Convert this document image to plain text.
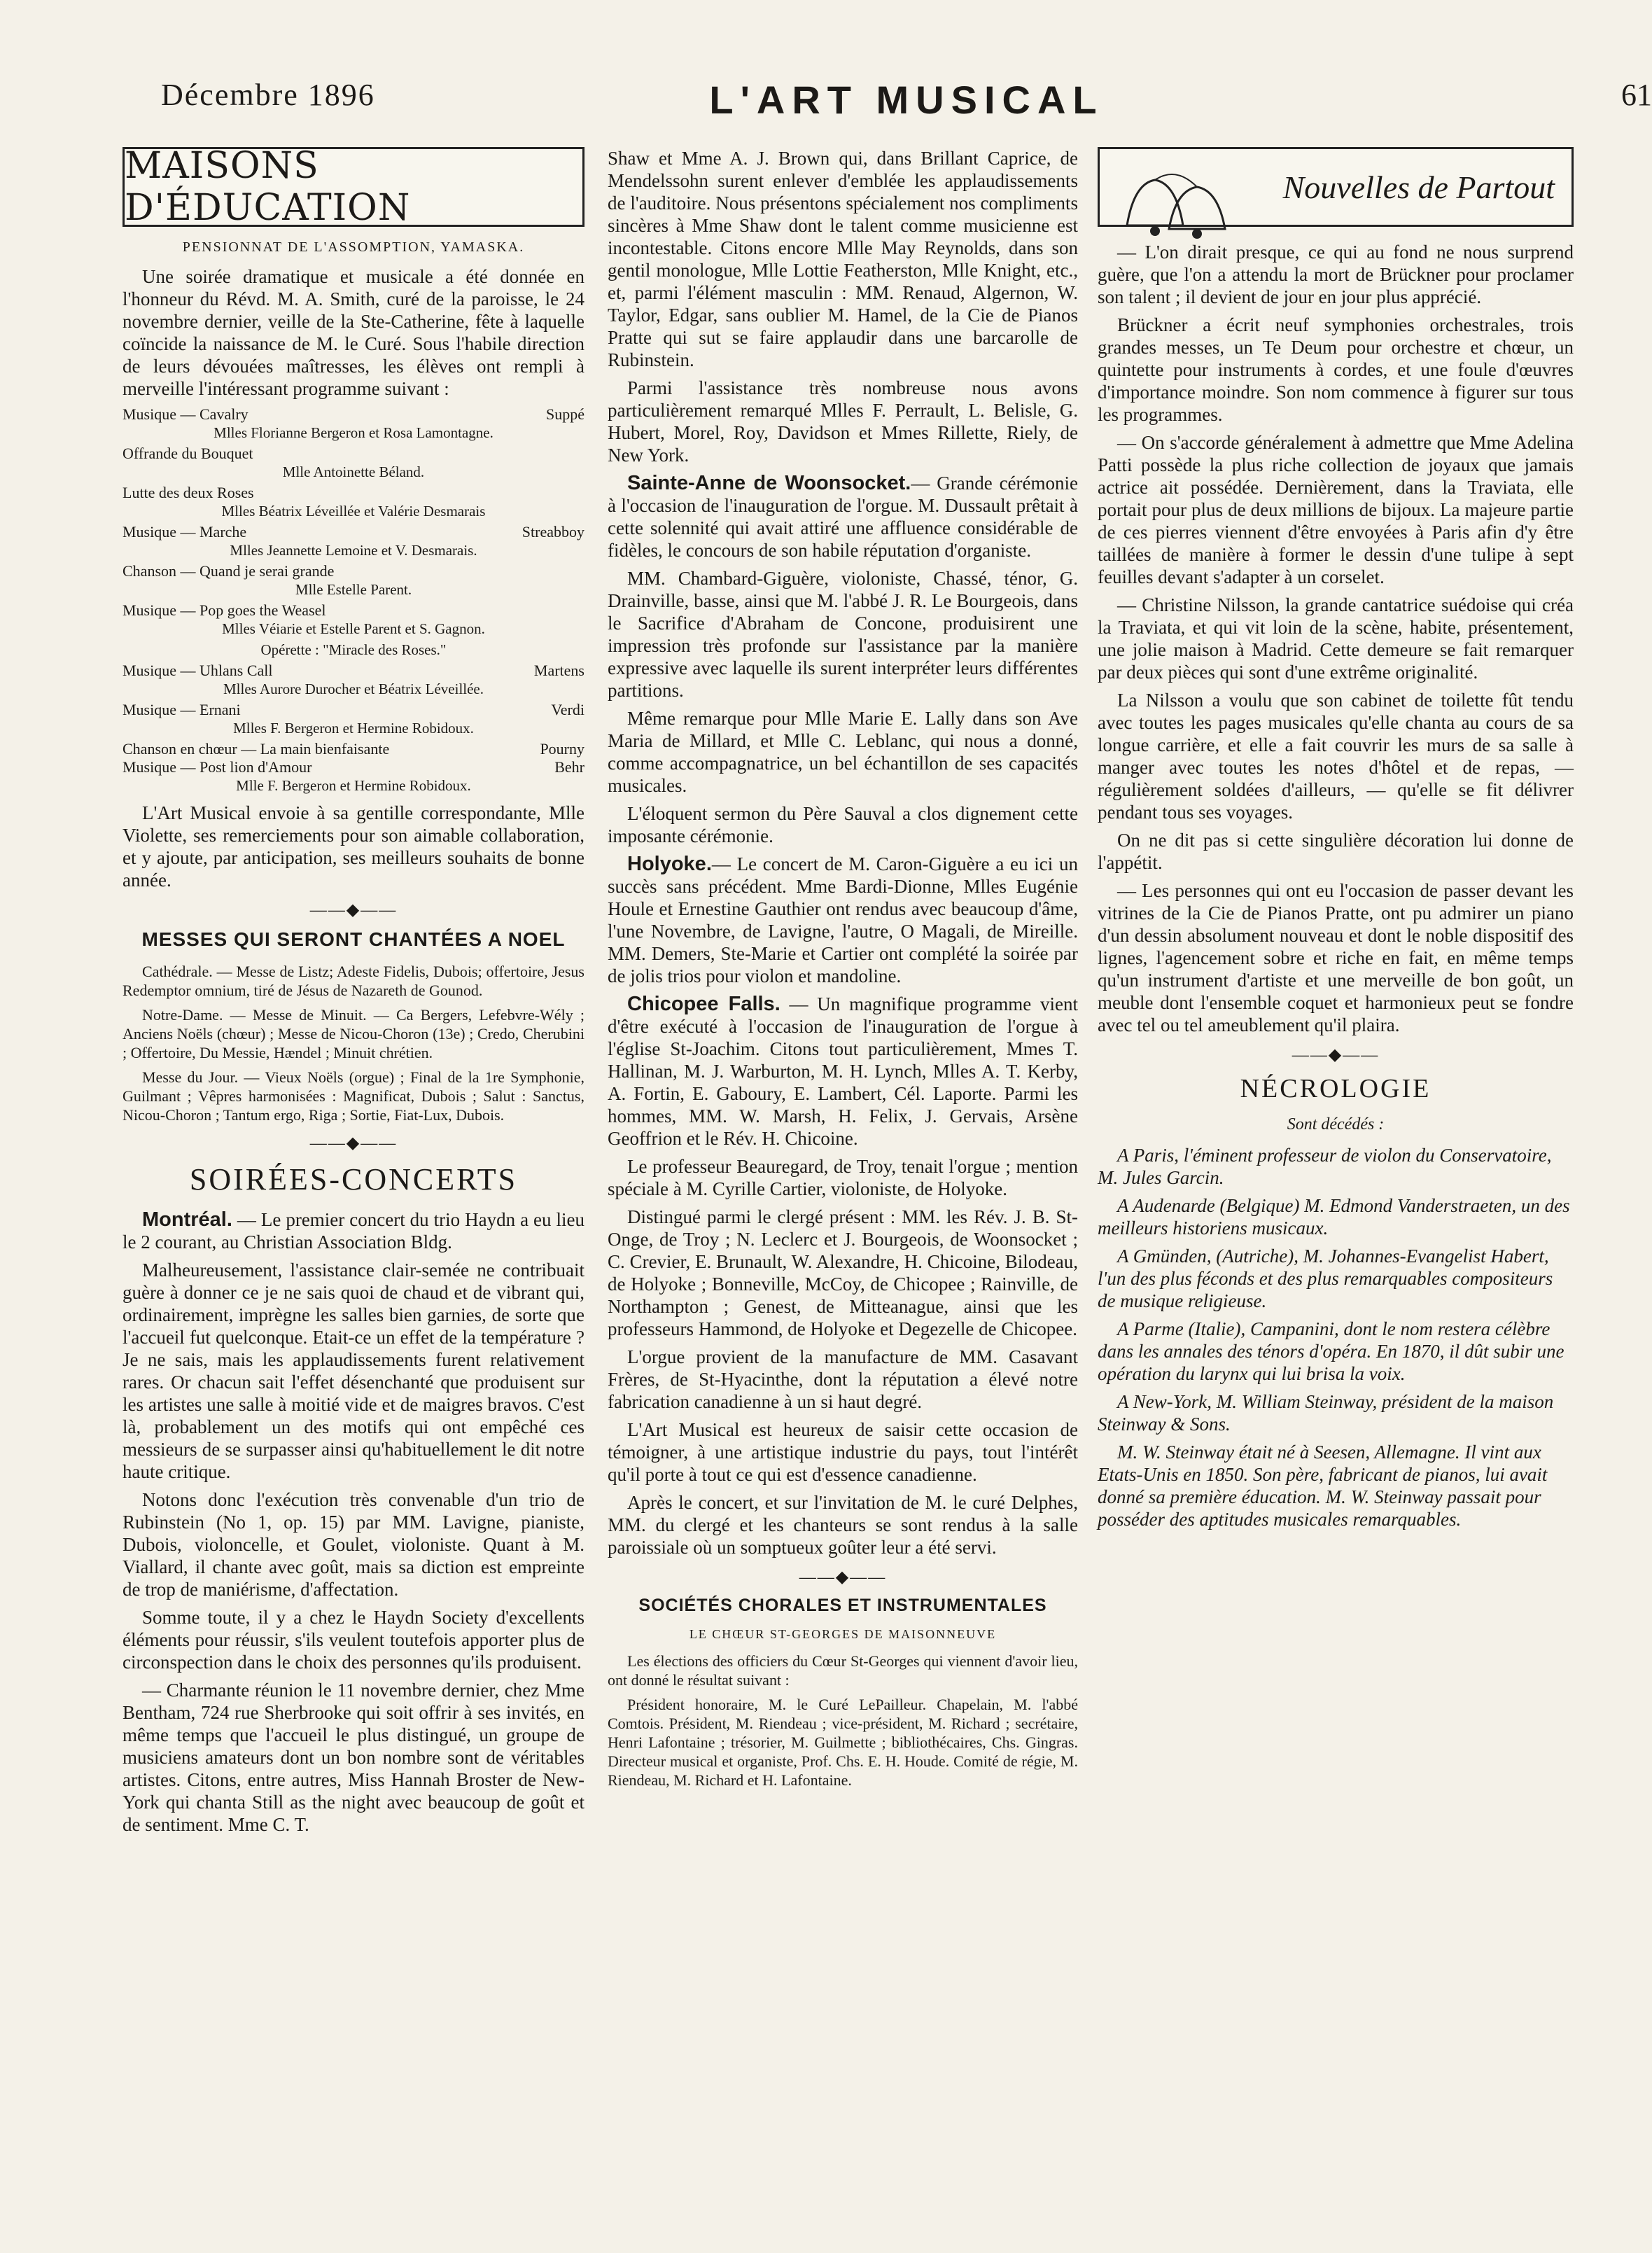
Décembre 1896	L'ART MUSICAL	61
MAISONS D'ÉDUCATION
PENSIONNAT DE L'ASSOMPTION, YAMASKA.

Une soirée dramatique et musicale a été donnée en l'honneur du Révd. M. A. Smith, curé de la paroisse, le 24 novembre dernier, veille de la Ste-Catherine, fête à laquelle coïncide la naissance de M. le Curé. Sous l'habile direction de leurs dévouées maîtresses, les élèves ont rempli à merveille l'intéressant programme suivant :

Musique — Cavalry	Suppé
Mlles Florianne Bergeron et Rosa Lamontagne.
Offrande du Bouquet
Mlle Antoinette Béland.
Lutte des deux Roses
Mlles Béatrix Léveillée et Valérie Desmarais
Musique — Marche	Streabboy
Mlles Jeannette Lemoine et V. Desmarais.
Chanson — Quand je serai grande
Mlle Estelle Parent.
Musique — Pop goes the Weasel
Mlles Véiarie et Estelle Parent et S. Gagnon.
Opérette : "Miracle des Roses."
Musique — Uhlans Call	Martens
Mlles Aurore Durocher et Béatrix Léveillée.
Musique — Ernani	Verdi
Mlles F. Bergeron et Hermine Robidoux.
Chanson en chœur — La main bienfaisante	Pourny
Musique — Post lion d'Amour	Behr
Mlle F. Bergeron et Hermine Robidoux.

L'Art Musical envoie à sa gentille correspondante, Mlle Violette, ses remerciements pour son aimable collaboration, et y ajoute, par anticipation, ses meilleurs souhaits de bonne année.

——◆——
MESSES QUI SERONT CHANTÉES A NOEL

Cathédrale. — Messe de Listz; Adeste Fidelis, Dubois; offertoire, Jesus Redemptor omnium, tiré de Jésus de Nazareth de Gounod.

Notre-Dame. — Messe de Minuit. — Ca Bergers, Lefebvre-Wély ; Anciens Noëls (chœur) ; Messe de Nicou-Choron (13e) ; Credo, Cherubini ; Offertoire, Du Messie, Hændel ; Minuit chrétien.

Messe du Jour. — Vieux Noëls (orgue) ; Final de la 1re Symphonie, Guilmant ; Vêpres harmonisées : Magnificat, Dubois ; Salut : Sanctus, Nicou-Choron ; Tantum ergo, Riga ; Sortie, Fiat-Lux, Dubois.

——◆——
SOIRÉES-CONCERTS

Montréal. — Le premier concert du trio Haydn a eu lieu le 2 courant, au Christian Association Bldg.

Malheureusement, l'assistance clair-semée ne contribuait guère à donner ce je ne sais quoi de chaud et de vibrant qui, ordinairement, imprègne les salles bien garnies, de sorte que l'accueil fut quelconque. Etait-ce un effet de la température ? Je ne sais, mais les applaudissements furent relativement rares. Or chacun sait l'effet désenchanté que produisent sur les artistes une salle à moitié vide et de maigres bravos. C'est là, probablement un des motifs qui ont empêché ces messieurs de se surpasser ainsi qu'habituellement le dit notre haute critique.

Notons donc l'exécution très convenable d'un trio de Rubinstein (No 1, op. 15) par MM. Lavigne, pianiste, Dubois, violoncelle, et Goulet, violoniste. Quant à M. Viallard, il chante avec goût, mais sa diction est empreinte de trop de maniérisme, d'affectation.

Somme toute, il y a chez le Haydn Society d'excellents éléments pour réussir, s'ils veulent toutefois apporter plus de circonspection dans le choix des personnes qu'ils produisent.

— Charmante réunion le 11 novembre dernier, chez Mme Bentham, 724 rue Sherbrooke qui soit offrir à ses invités, en même temps que l'accueil le plus distingué, un groupe de musiciens amateurs dont un bon nombre sont de véritables artistes. Citons, entre autres, Miss Hannah Broster de New-York qui chanta Still as the night avec beaucoup de goût et de sentiment. Mme C. T.

Shaw et Mme A. J. Brown qui, dans Brillant Caprice, de Mendelssohn surent enlever d'emblée les applaudissements de l'auditoire. Nous présentons spécialement nos compliments sincères à Mme Shaw dont le talent comme musicienne est incontestable. Citons encore Mlle May Reynolds, dans son gentil monologue, Mlle Lottie Featherston, Mlle Knight, etc., et, parmi l'élément masculin : MM. Renaud, Algernon, W. Taylor, Edgar, sans oublier M. Hamel, de la Cie de Pianos Pratte qui sut se faire applaudir dans une barcarolle de Rubinstein.

Parmi l'assistance très nombreuse nous avons particulièrement remarqué Mlles F. Perrault, L. Belisle, G. Hubert, Morel, Roy, Davidson et Mmes Rillette, Riely, de New York.

Sainte-Anne de Woonsocket.— Grande cérémonie à l'occasion de l'inauguration de l'orgue. M. Dussault prêtait à cette solennité qui avait attiré une affluence considérable de fidèles, le concours de son habile réputation d'organiste.

MM. Chambard-Giguère, violoniste, Chassé, ténor, G. Drainville, basse, ainsi que M. l'abbé J. R. Le Bourgeois, dans le Sacrifice d'Abraham de Concone, produisirent une impression très profonde sur l'assistance par la manière expressive avec laquelle ils surent interpréter leurs différentes partitions.

Même remarque pour Mlle Marie E. Lally dans son Ave Maria de Millard, et Mlle C. Leblanc, qui nous a donné, comme accompagnatrice, un bel échantillon de ses capacités musicales.

L'éloquent sermon du Père Sauval a clos dignement cette imposante cérémonie.

Holyoke.— Le concert de M. Caron-Giguère a eu ici un succès sans précédent. Mme Bardi-Dionne, Mlles Eugénie Houle et Ernestine Gauthier ont rendus avec beaucoup d'âme, l'une Novembre, de Lavigne, l'autre, O Magali, de Mireille. MM. Demers, Ste-Marie et Cartier ont complété la soirée par de jolis trios pour violon et mandoline.

Chicopee Falls. — Un magnifique programme vient d'être exécuté à l'occasion de l'inauguration de l'orgue à l'église St-Joachim. Citons tout particulièrement, Mmes T. Hallinan, M. J. Warburton, M. H. Lynch, Mlles A. T. Kerby, A. Fortin, E. Gaboury, E. Lambert, Cél. Laporte. Parmi les hommes, MM. W. Marsh, H. Felix, J. Gervais, Arsène Geoffrion et le Rév. H. Chicoine.

Le professeur Beauregard, de Troy, tenait l'orgue ; mention spéciale à M. Cyrille Cartier, violoniste, de Holyoke.

Distingué parmi le clergé présent : MM. les Rév. J. B. St-Onge, de Troy ; N. Leclerc et J. Bourgeois, de Woonsocket ; C. Crevier, E. Brunault, W. Alexandre, H. Chicoine, Bilodeau, de Holyoke ; Bonneville, McCoy, de Chicopee ; Rainville, de Northampton ; Genest, de Mitteanague, ainsi que les professeurs Hammond, de Holyoke et Degezelle de Chicopee.

L'orgue provient de la manufacture de MM. Casavant Frères, de St-Hyacinthe, dont la réputation a élevé notre fabrication canadienne à un si haut degré.

L'Art Musical est heureux de saisir cette occasion de témoigner, à une artistique industrie du pays, tout l'intérêt qu'il porte à tout ce qui est d'essence canadienne.

Après le concert, et sur l'invitation de M. le curé Delphes, MM. du clergé et les chanteurs se sont rendus à la salle paroissiale où un somptueux goûter leur a été servi.

——◆——
SOCIÉTÉS CHORALES ET INSTRUMENTALES
LE CHŒUR ST-GEORGES DE MAISONNEUVE

Les élections des officiers du Cœur St-Georges qui viennent d'avoir lieu, ont donné le résultat suivant :

Président honoraire, M. le Curé LePailleur. Chapelain, M. l'abbé Comtois. Président, M. Riendeau ; vice-président, M. Richard ; secrétaire, Henri Lafontaine ; trésorier, M. Guilmette ; bibliothécaires, Chs. Gingras. Directeur musical et organiste, Prof. Chs. E. H. Houde. Comité de régie, M. Riendeau, M. Richard et H. Lafontaine.

Nouvelles de Partout

— L'on dirait presque, ce qui au fond ne nous surprend guère, que l'on a attendu la mort de Brückner pour proclamer son talent ; il devient de jour en jour plus apprécié.

Brückner a écrit neuf symphonies orchestrales, trois grandes messes, un Te Deum pour orchestre et chœur, un quintette pour instruments à cordes, et une foule d'œuvres d'importance moindre. Son nom commence à figurer sur tous les programmes.

— On s'accorde généralement à admettre que Mme Adelina Patti possède la plus riche collection de joyaux que jamais actrice ait possédée. Dernièrement, dans la Traviata, elle portait pour plus de deux millions de bijoux. La majeure partie de ces pierres viennent d'être envoyées à Paris afin d'y être taillées de manière à former le dessin d'une tulipe à sept feuilles devant s'adapter à un corselet.

— Christine Nilsson, la grande cantatrice suédoise qui créa la Traviata, et qui vit loin de la scène, habite, présentement, une jolie maison à Madrid. Cette demeure se fait remarquer par deux pièces qui sont d'une extrême originalité.

La Nilsson a voulu que son cabinet de toilette fût tendu avec toutes les pages musicales qu'elle chanta au cours de sa longue carrière, et elle a fait couvrir les murs de sa salle à manger avec toutes les notes d'hôtel et de repas, — régulièrement soldées d'ailleurs, — qu'elle se fit délivrer pendant tous ses voyages.

On ne dit pas si cette singulière décoration lui donne de l'appétit.

— Les personnes qui ont eu l'occasion de passer devant les vitrines de la Cie de Pianos Pratte, ont pu admirer un piano d'un dessin absolument nouveau et dont le noble dispositif des lignes, l'agencement sobre et riche en fait, en même temps qu'un instrument d'artiste et une merveille de bon goût, un meuble dont l'ensemble coquet et harmonieux peut se fondre avec tel ou tel ameublement qu'il plaira.

——◆——
NÉCROLOGIE
Sont décédés :

A Paris, l'éminent professeur de violon du Conservatoire, M. Jules Garcin.

A Audenarde (Belgique) M. Edmond Vanderstraeten, un des meilleurs historiens musicaux.

A Gmünden, (Autriche), M. Johannes-Evangelist Habert, l'un des plus féconds et des plus remarquables compositeurs de musique religieuse.

A Parme (Italie), Campanini, dont le nom restera célèbre dans les annales des ténors d'opéra. En 1870, il dût subir une opération du larynx qui lui brisa la voix.

A New-York, M. William Steinway, président de la maison Steinway & Sons.

M. W. Steinway était né à Seesen, Allemagne. Il vint aux Etats-Unis en 1850. Son père, fabricant de pianos, lui avait donné sa première éducation. M. W. Steinway passait pour posséder des aptitudes musicales remarquables.
